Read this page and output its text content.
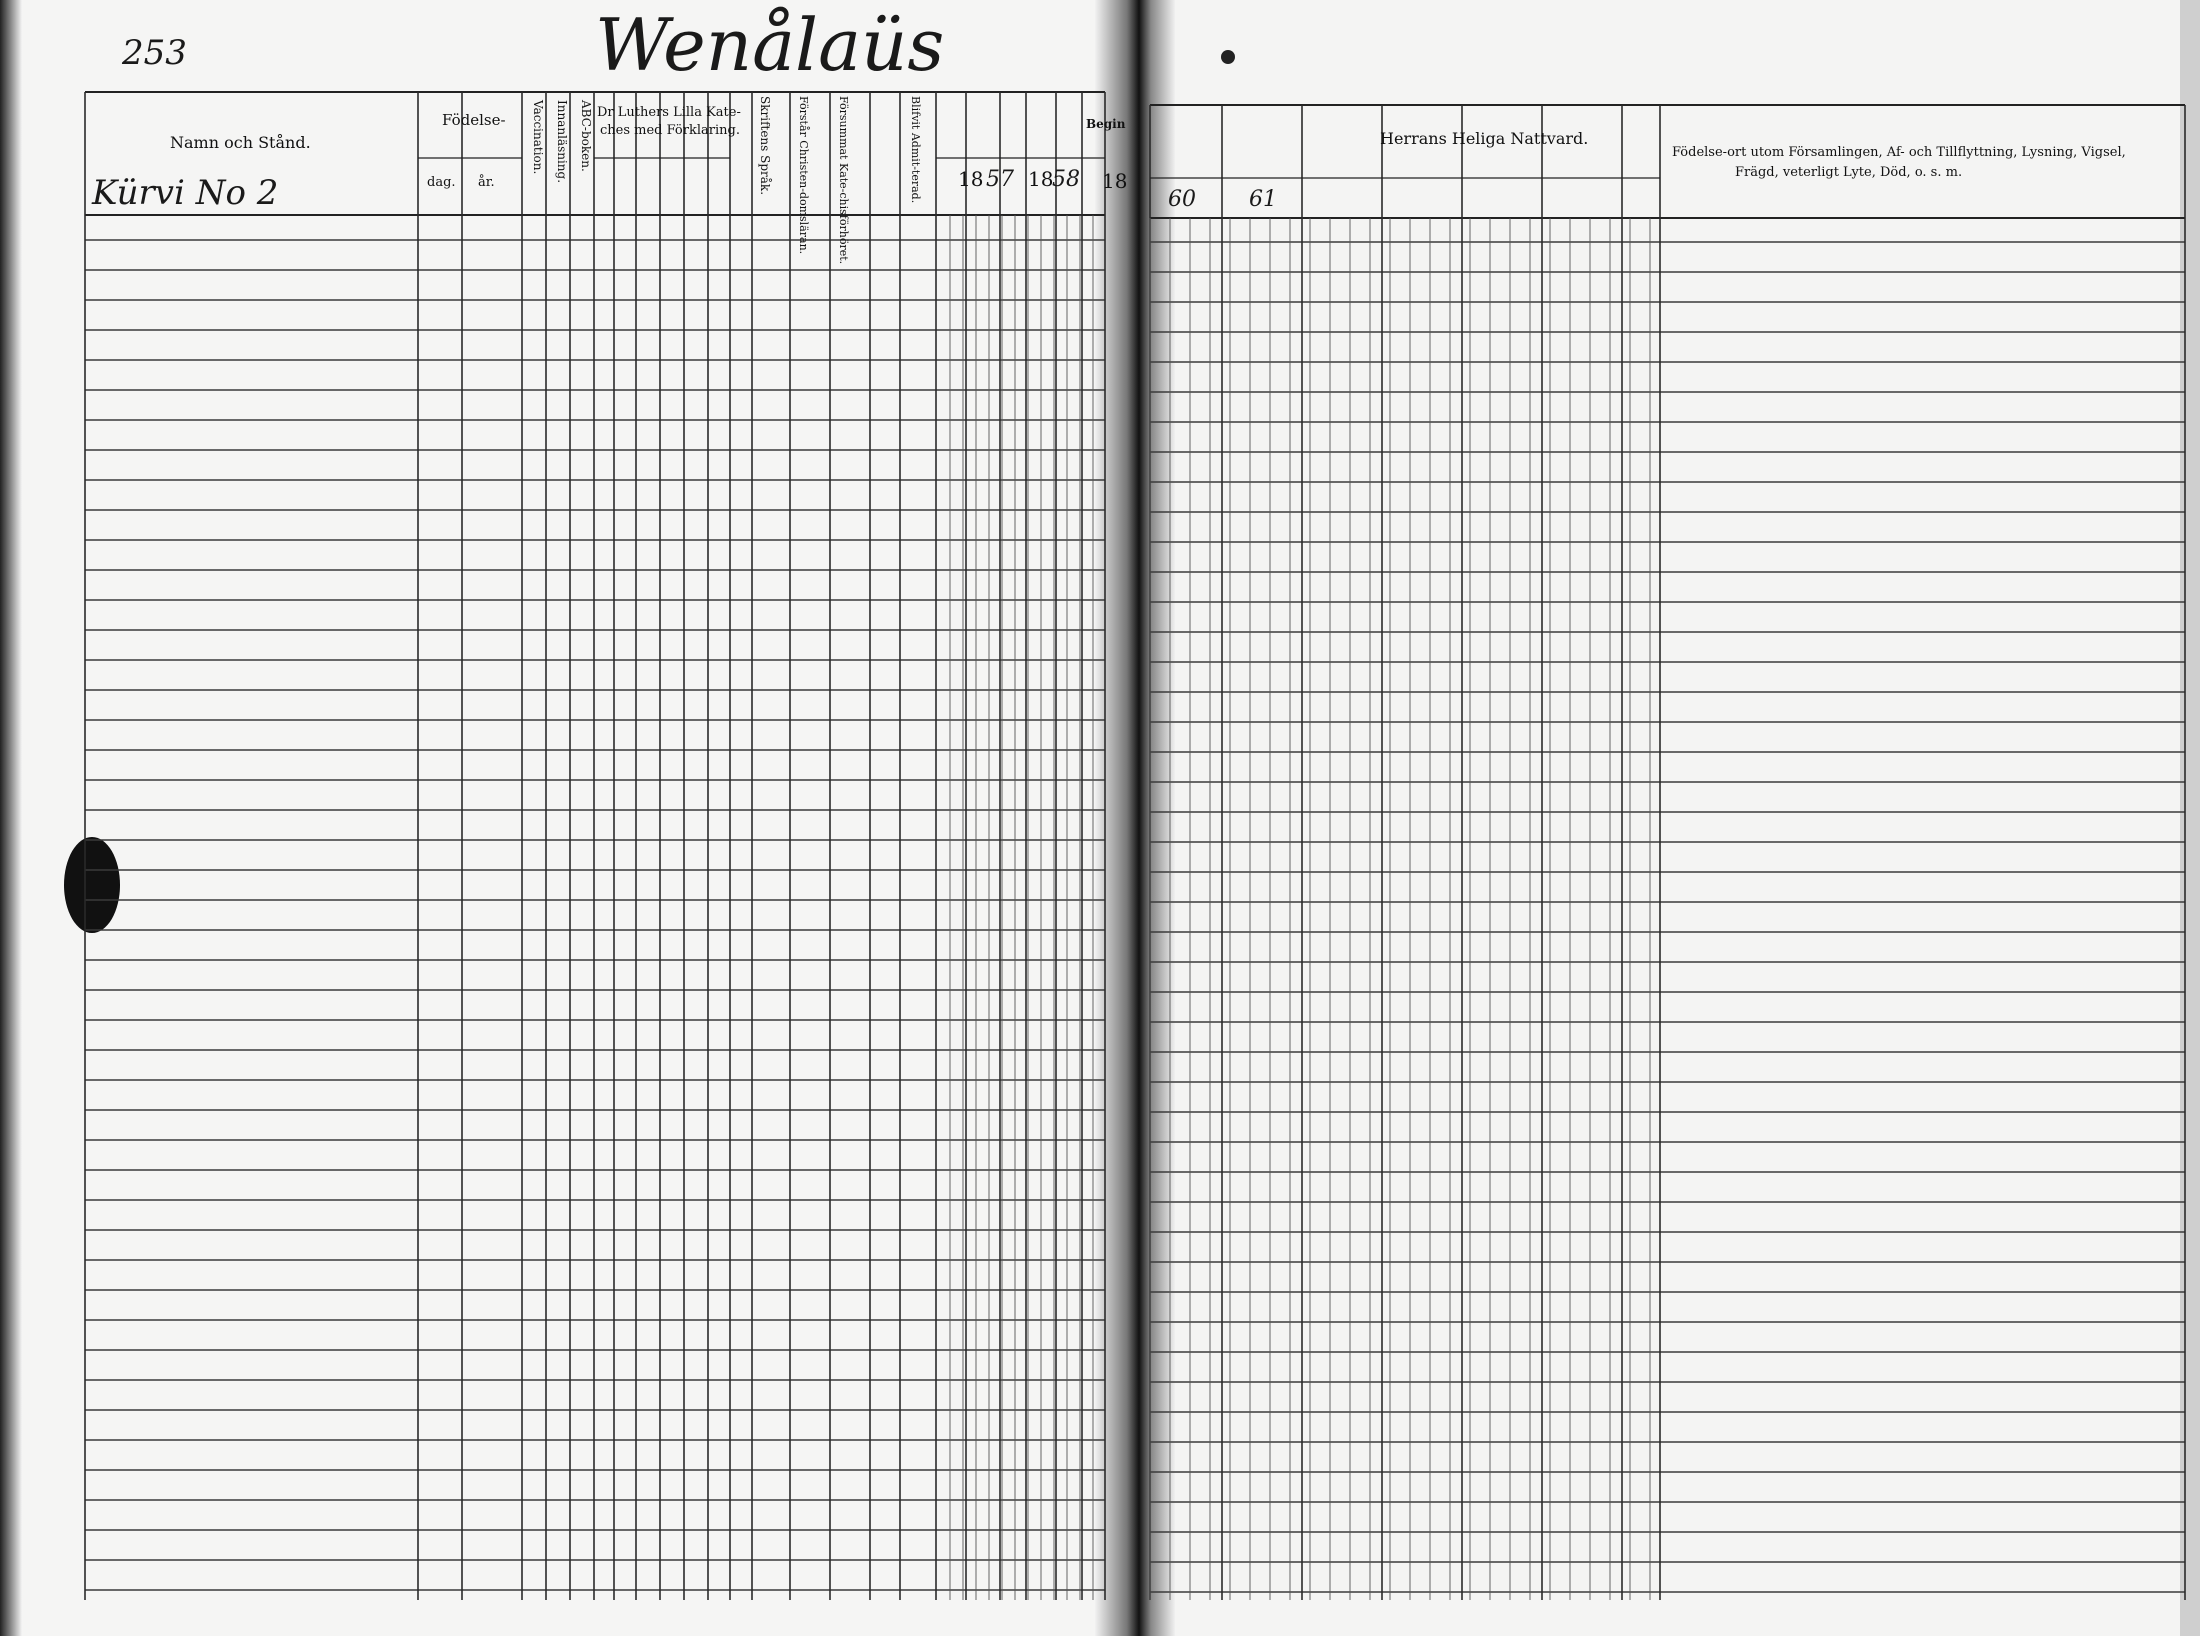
253	Wenålaüs
Namn och Stånd.
Födelse-
dag. år.
Vaccination. Innanläsning. ABC-boken. Dr Luthers Lilla Kate-
ches med Förklaring. Skriftens Språk. Förstår Christen-domsläran. Försummat Kate-chisförhöret.	Blifvit Admit-terad. 18 57 18
58 18
Begin
Herrans Heliga Nattvard.
60 61
Födelse-ort utom Församlingen, Af- och Tillflyttning, Lysning, Vigsel,
Frägd, veterligt Lyte, Död, o. s. m.
Kürvi No 2
